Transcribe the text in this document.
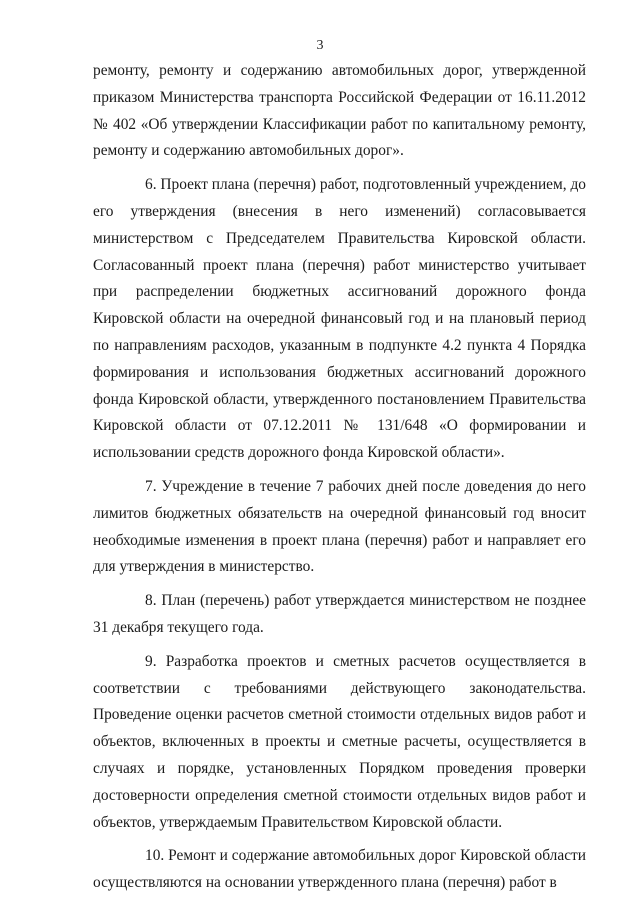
3

ремонту, ремонту и содержанию автомобильных дорог, утвержденной приказом Министерства транспорта Российской Федерации от 16.11.2012 № 402 «Об утверждении Классификации работ по капитальному ремонту, ремонту и содержанию автомобильных дорог».

6. Проект плана (перечня) работ, подготовленный учреждением, до его утверждения (внесения в него изменений) согласовывается министерством с Председателем Правительства Кировской области. Согласованный проект плана (перечня) работ министерство учитывает при распределении бюджетных ассигнований дорожного фонда Кировской области на очередной финансовый год и на плановый период по направлениям расходов, указанным в подпункте 4.2 пункта 4 Порядка формирования и использования бюджетных ассигнований дорожного фонда Кировской области, утвержденного постановлением Правительства Кировской области от 07.12.2011 № 131/648 «О формировании и использовании средств дорожного фонда Кировской области».

7. Учреждение в течение 7 рабочих дней после доведения до него лимитов бюджетных обязательств на очередной финансовый год вносит необходимые изменения в проект плана (перечня) работ и направляет его для утверждения в министерство.

8. План (перечень) работ утверждается министерством не позднее 31 декабря текущего года.

9. Разработка проектов и сметных расчетов осуществляется в соответствии с требованиями действующего законодательства. Проведение оценки расчетов сметной стоимости отдельных видов работ и объектов, включенных в проекты и сметные расчеты, осуществляется в случаях и порядке, установленных Порядком проведения проверки достоверности определения сметной стоимости отдельных видов работ и объектов, утверждаемым Правительством Кировской области.

10. Ремонт и содержание автомобильных дорог Кировской области осуществляются на основании утвержденного плана (перечня) работ в
